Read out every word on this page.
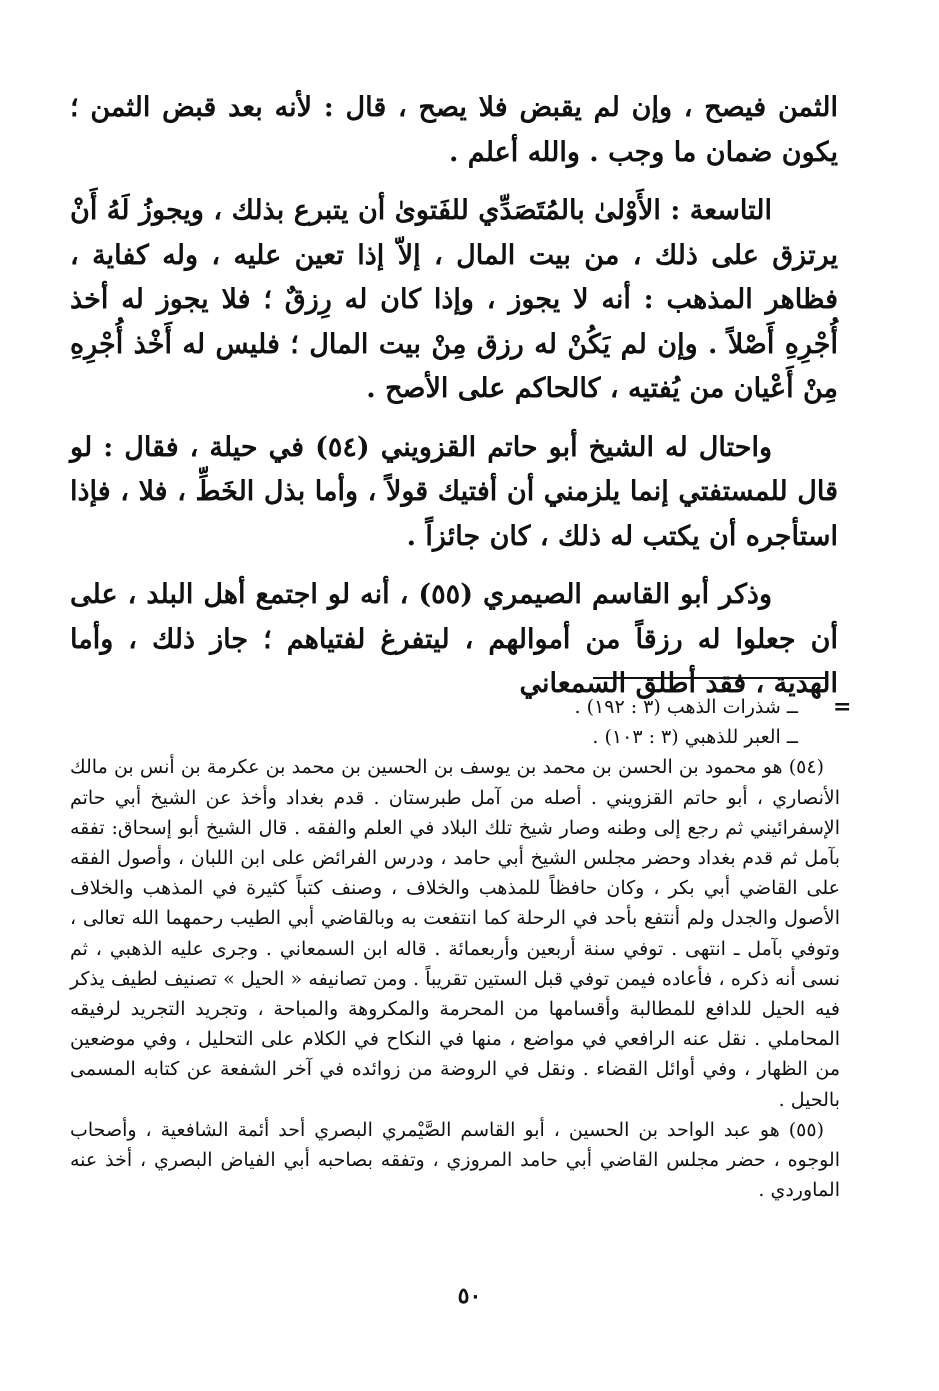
الثمن فيصح ، وإن لم يقبض فلا يصح ، قال : لأنه بعد قبض الثمن ؛ يكون ضمان ما وجب . والله أعلم .

التاسعة : الأَوْلىٰ بالمُتَصَدِّي للفَتوىٰ أن يتبرع بذلك ، ويجوزُ لَهُ أَنْ يرتزق على ذلك ، من بيت المال ، إلاّ إذا تعين عليه ، وله كفاية ، فظاهر المذهب : أنه لا يجوز ، وإذا كان له رِزقٌ ؛ فلا يجوز له أخذ أُجْرِهِ أَصْلاً . وإن لم يَكُنْ له رزق مِنْ بيت المال ؛ فليس له أَخْذ أُجْرِهِ مِنْ أَعْيان من يُفتيه ، كالحاكم على الأصح .

واحتال له الشيخ أبو حاتم القزويني (٥٤) في حيلة ، فقال : لو قال للمستفتي إنما يلزمني أن أفتيك قولاً ، وأما بذل الخَطِّ ، فلا ، فإذا استأجره أن يكتب له ذلك ، كان جائزاً .

وذكر أبو القاسم الصيمري (٥٥) ، أنه لو اجتمع أهل البلد ، على أن جعلوا له رزقاً من أموالهم ، ليتفرغ لفتياهم ؛ جاز ذلك ، وأما الهدية ، فقد أطلق السمعاني

=

ــ شذرات الذهب (٣ : ١٩٢) .

ــ العبر للذهبي (٣ : ١٠٣) .

(٥٤) هو محمود بن الحسن بن محمد بن يوسف بن الحسين بن محمد بن عكرمة بن أنس بن مالك الأنصاري ، أبو حاتم القزويني . أصله من آمل طبرستان . قدم بغداد وأخذ عن الشيخ أبي حاتم الإسفرائيني ثم رجع إلى وطنه وصار شيخ تلك البلاد في العلم والفقه . قال الشيخ أبو إسحاق: تفقه بآمل ثم قدم بغداد وحضر مجلس الشيخ أبي حامد ، ودرس الفرائض على ابن اللبان ، وأصول الفقه على القاضي أبي بكر ، وكان حافظاً للمذهب والخلاف ، وصنف كتباً كثيرة في المذهب والخلاف الأصول والجدل ولم أنتفع بأحد في الرحلة كما انتفعت به وبالقاضي أبي الطيب رحمهما الله تعالى ، وتوفي بآمل ـ انتهى . توفي سنة أربعين وأربعمائة . قاله ابن السمعاني . وجرى عليه الذهبي ، ثم نسى أنه ذكره ، فأعاده فيمن توفي قبل الستين تقريباً . ومن تصانيفه « الحيل » تصنيف لطيف يذكر فيه الحيل للدافع للمطالبة وأقسامها من المحرمة والمكروهة والمباحة ، وتجريد التجريد لرفيقه المحاملي . نقل عنه الرافعي في مواضع ، منها في النكاح في الكلام على التحليل ، وفي موضعين من الظهار ، وفي أوائل القضاء . ونقل في الروضة من زوائده في آخر الشفعة عن كتابه المسمى بالحيل .

(٥٥) هو عبد الواحد بن الحسين ، أبو القاسم الصَّيْمري البصري أحد أئمة الشافعية ، وأصحاب الوجوه ، حضر مجلس القاضي أبي حامد المروزي ، وتفقه بصاحبه أبي الفياض البصري ، أخذ عنه الماوردي .

٥٠
